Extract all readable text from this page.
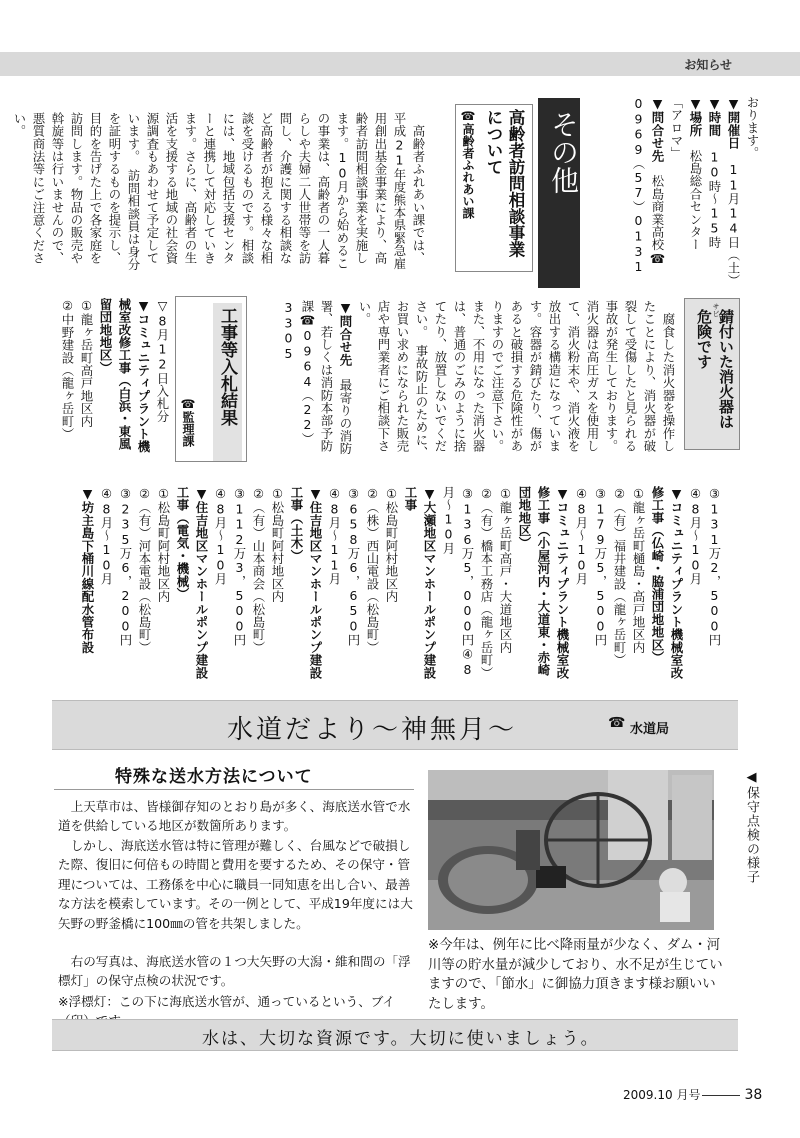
お知らせ
おります。
▼開催日　11月14日（土）
▼時間　10時～15時
▼場所　松島総合センター
「アロマ」
▼問合せ先　松島商業高校☎
0969（57）0131
その他
高齢者訪問相談事業について
☎高齢者ふれあい課
　高齢者ふれあい課では、平成21年度熊本県緊急雇用創出基金事業により、高齢者訪問相談事業を実施します。10月から始めるこの事業は、高齢者の一人暮らしや夫婦二人世帯等を訪問し、介護に関する相談など高齢者が抱える様々な相談を受けるものです。相談には、地域包括支援センターと連携して対応していきます。さらに、高齢者の生活を支援する地域の社会資源調査もあわせて予定しています。　訪問相談員は身分を証明するものを提示し、目的を告げた上で各家庭を訪問します。物品の販売や斡旋等は行いませんので、悪質商法等にご注意ください。
サビ
錆付いた消火器は
危険です
　腐食した消火器を操作したことにより、消火器が破裂して受傷したと見られる事故が発生しております。　消火器は高圧ガスを使用して、消火粉末や、消火液を放出する構造になっています。容器が錆びたり、傷があると破損する危険性がありますのでご注意下さい。　また、不用になった消火器は、普通のごみのように捨てたり、放置しないでください。　事故防止のために、お買い求めになられた販売店や専門業者にご相談下さい。
▼問合せ先　最寄りの消防署、若しくは消防本部予防課☎0964（22）3305
工事等入札結果
☎監理課
▽8月12日入札分
▼コミュニティプラント機械室改修工事（白浜・東風留団地地区）
①龍ヶ岳町高戸地区内
②中野建設（龍ヶ岳町）
③131万2，500円
④8月～10月
▼コミュニティプラント機械室改修工事（仏崎・脇浦団地地区）
①龍ヶ岳町樋島・高戸地区内
②（有）福井建設（龍ヶ岳町）
③179万5，500円
④8月～10月
▼コミュニティプラント機械室改修工事（小屋河内・大道東・赤崎団地地区）
①龍ヶ岳町高戸・大道地区内
②（有）橋本工務店（龍ヶ岳町）
③136万5，000円④8月～10月
▼大瀬地区マンホールポンプ建設工事
①松島町阿村地区内
②（株）西山電設（松島町）
③658万6，650円
④8月～11月
▼住吉地区マンホールポンプ建設工事（土木）
①松島町阿村地区内
②（有）山本商会（松島町）
③112万3，500円
④8月～10月
▼住吉地区マンホールポンプ建設工事（電気・機械）
①松島町阿村地区内
②（有）河本電設（松島町）
③235万6，200円
④8月～10月
▼坊主島下桶川線配水管布設
水道だより～神無月～	☎ 水道局
特殊な送水方法について
　上天草市は、皆様御存知のとおり島が多く、海底送水管で水道を供給している地区が数箇所あります。
　しかし、海底送水管は特に管理が難しく、台風などで破損した際、復旧に何倍もの時間と費用を要するため、その保守・管理については、工務係を中心に職員一同知恵を出し合い、最善な方法を模索しています。その一例として、平成19年度には大矢野の野釜橋に100㎜の管を共架しました。
　右の写真は、海底送水管の１つ大矢野の大潟・維和間の「浮標灯」の保守点検の状況です。
※浮標灯：この下に海底送水管が、通っているという、ブイ
◀保守点検の様子
※今年は、例年に比べ降雨量が少なく、ダム・河川等の貯水量が減少しており、水不足が生じていますので、「節水」に御協力頂きます様お願いいたします。
水は、大切な資源です。大切に使いましょう。
2009.10 月号	38
